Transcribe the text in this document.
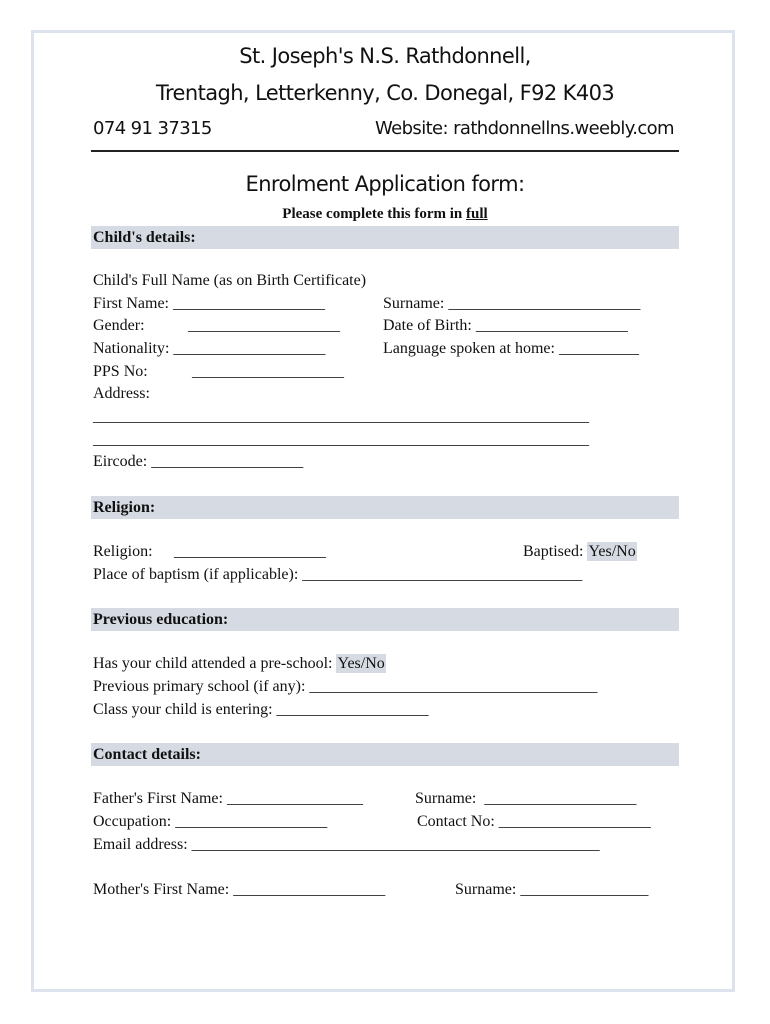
St. Joseph's N.S. Rathdonnell,
Trentagh, Letterkenny, Co. Donegal, F92 K403
074 91 37315	Website: rathdonnellns.weebly.com
Enrolment Application form:
Please complete this form in full
Child's details:
Child's Full Name (as on Birth Certificate)
First Name: ___________________	Surname: ________________________
Gender:	___________________	Date of Birth: ___________________
Nationality: ___________________	Language spoken at home: __________
PPS No:	___________________
Address:
______________________________________________________________
______________________________________________________________
Eircode: ___________________
Religion:
Religion: ___________________	Baptised: Yes/No
Place of baptism (if applicable): ___________________________________
Previous education:
Has your child attended a pre-school: Yes/No
Previous primary school (if any): ____________________________________
Class your child is entering: ___________________
Contact details:
Father's First Name: _________________	Surname:  ___________________
Occupation: ___________________	Contact No: ___________________
Email address: ___________________________________________________
Mother's First Name: ___________________	Surname: ________________
